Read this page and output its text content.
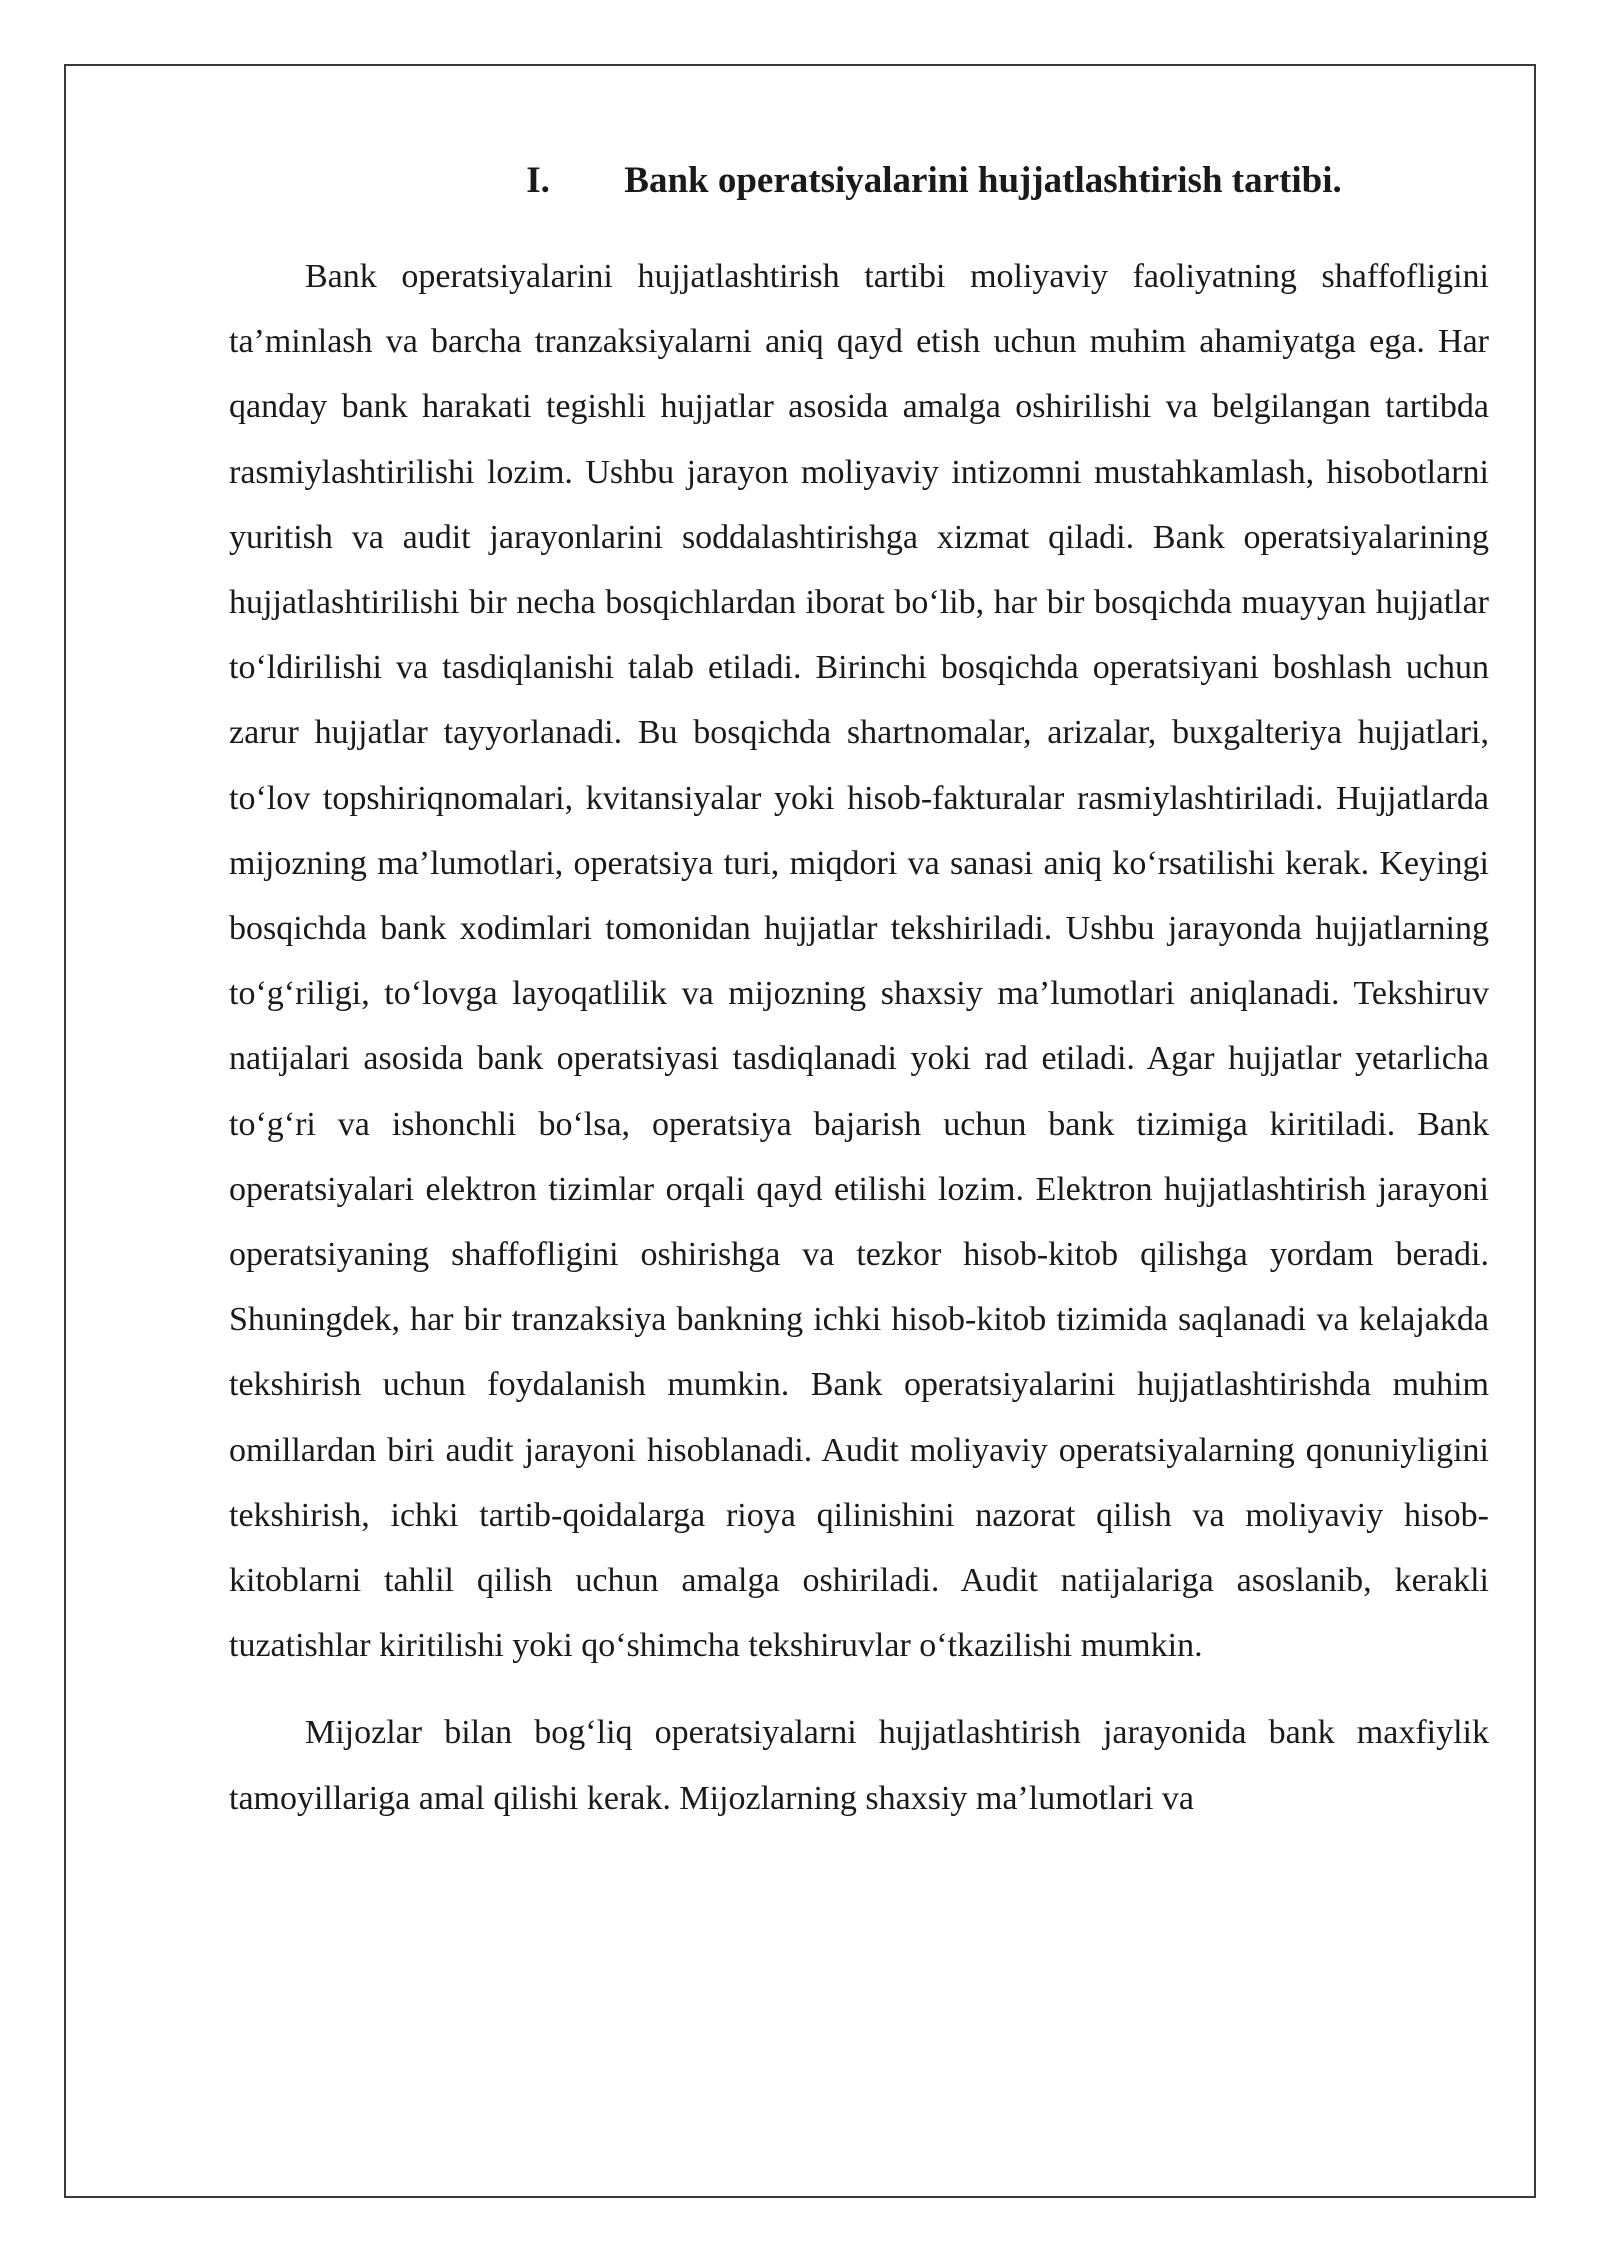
I. Bank operatsiyalarini hujjatlashtirish tartibi.

Bank operatsiyalarini hujjatlashtirish tartibi moliyaviy faoliyatning shaffofligini ta’minlash va barcha tranzaksiyalarni aniq qayd etish uchun muhim ahamiyatga ega. Har qanday bank harakati tegishli hujjatlar asosida amalga oshirilishi va belgilangan tartibda rasmiylashtirilishi lozim. Ushbu jarayon moliyaviy intizomni mustahkamlash, hisobotlarni yuritish va audit jarayonlarini soddalashtirishga xizmat qiladi. Bank operatsiyalarining hujjatlashtirilishi bir necha bosqichlardan iborat bo‘lib, har bir bosqichda muayyan hujjatlar to‘ldirilishi va tasdiqlanishi talab etiladi. Birinchi bosqichda operatsiyani boshlash uchun zarur hujjatlar tayyorlanadi. Bu bosqichda shartnomalar, arizalar, buxgalteriya hujjatlari, to‘lov topshiriqnomalari, kvitansiyalar yoki hisob-fakturalar rasmiylashtiriladi. Hujjatlarda mijozning ma’lumotlari, operatsiya turi, miqdori va sanasi aniq ko‘rsatilishi kerak. Keyingi bosqichda bank xodimlari tomonidan hujjatlar tekshiriladi. Ushbu jarayonda hujjatlarning to‘g‘riligi, to‘lovga layoqatlilik va mijozning shaxsiy ma’lumotlari aniqlanadi. Tekshiruv natijalari asosida bank operatsiyasi tasdiqlanadi yoki rad etiladi. Agar hujjatlar yetarlicha to‘g‘ri va ishonchli bo‘lsa, operatsiya bajarish uchun bank tizimiga kiritiladi. Bank operatsiyalari elektron tizimlar orqali qayd etilishi lozim. Elektron hujjatlashtirish jarayoni operatsiyaning shaffofligini oshirishga va tezkor hisob-kitob qilishga yordam beradi. Shuningdek, har bir tranzaksiya bankning ichki hisob-kitob tizimida saqlanadi va kelajakda tekshirish uchun foydalanish mumkin. Bank operatsiyalarini hujjatlashtirishda muhim omillardan biri audit jarayoni hisoblanadi. Audit moliyaviy operatsiyalarning qonuniyligini tekshirish, ichki tartib-qoidalarga rioya qilinishini nazorat qilish va moliyaviy hisob-kitoblarni tahlil qilish uchun amalga oshiriladi. Audit natijalariga asoslanib, kerakli tuzatishlar kiritilishi yoki qo‘shimcha tekshiruvlar o‘tkazilishi mumkin.

Mijozlar bilan bog‘liq operatsiyalarni hujjatlashtirish jarayonida bank maxfiylik tamoyillariga amal qilishi kerak. Mijozlarning shaxsiy ma’lumotlari va
